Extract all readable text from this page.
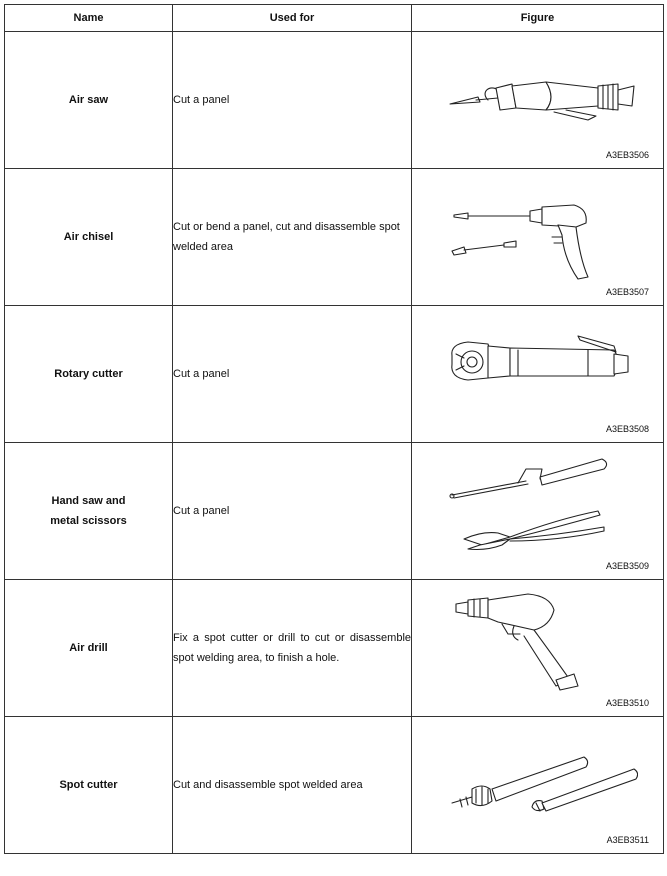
Name	Used for	Figure
Air saw	Cut a panel	A3EB3506

Air chisel	Cut or bend a panel, cut and disassemble spot welded area	A3EB3507

Rotary cutter	Cut a panel	A3EB3508

Hand saw and
metal scissors	Cut a panel	A3EB3509

Air drill	Fix a spot cutter or drill to cut or disassemble spot welding area, to finish a hole.	A3EB3510

Spot cutter	Cut and disassemble spot welded area	A3EB3511
